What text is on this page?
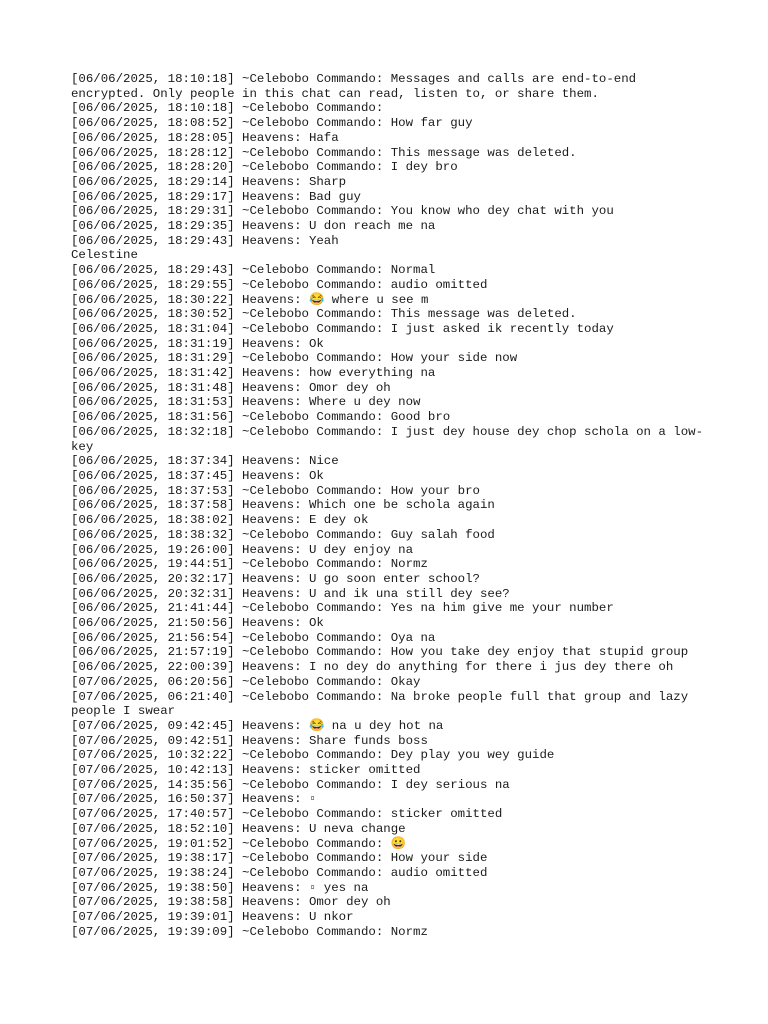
[06/06/2025, 18:10:18] ~Celebobo Commando: Messages and calls are end-to-end encrypted. Only people in this chat can read, listen to, or share them.
[06/06/2025, 18:10:18] ~Celebobo Commando:
[06/06/2025, 18:08:52] ~Celebobo Commando: How far guy
[06/06/2025, 18:28:05] Heavens: Hafa
[06/06/2025, 18:28:12] ~Celebobo Commando: This message was deleted.
[06/06/2025, 18:28:20] ~Celebobo Commando: I dey bro
[06/06/2025, 18:29:14] Heavens: Sharp
[06/06/2025, 18:29:17] Heavens: Bad guy
[06/06/2025, 18:29:31] ~Celebobo Commando: You know who dey chat with you
[06/06/2025, 18:29:35] Heavens: U don reach me na
[06/06/2025, 18:29:43] Heavens: Yeah
Celestine
[06/06/2025, 18:29:43] ~Celebobo Commando: Normal
[06/06/2025, 18:29:55] ~Celebobo Commando: audio omitted
[06/06/2025, 18:30:22] Heavens: 😂 where u see m
[06/06/2025, 18:30:52] ~Celebobo Commando: This message was deleted.
[06/06/2025, 18:31:04] ~Celebobo Commando: I just asked ik recently today
[06/06/2025, 18:31:19] Heavens: Ok
[06/06/2025, 18:31:29] ~Celebobo Commando: How your side now
[06/06/2025, 18:31:42] Heavens: how everything na
[06/06/2025, 18:31:48] Heavens: Omor dey oh
[06/06/2025, 18:31:53] Heavens: Where u dey now
[06/06/2025, 18:31:56] ~Celebobo Commando: Good bro
[06/06/2025, 18:32:18] ~Celebobo Commando: I just dey house dey chop schola on a low-key
[06/06/2025, 18:37:34] Heavens: Nice
[06/06/2025, 18:37:45] Heavens: Ok
[06/06/2025, 18:37:53] ~Celebobo Commando: How your bro
[06/06/2025, 18:37:58] Heavens: Which one be schola again
[06/06/2025, 18:38:02] Heavens: E dey ok
[06/06/2025, 18:38:32] ~Celebobo Commando: Guy salah food
[06/06/2025, 19:26:00] Heavens: U dey enjoy na
[06/06/2025, 19:44:51] ~Celebobo Commando: Normz
[06/06/2025, 20:32:17] Heavens: U go soon enter school?
[06/06/2025, 20:32:31] Heavens: U and ik una still dey see?
[06/06/2025, 21:41:44] ~Celebobo Commando: Yes na him give me your number
[06/06/2025, 21:50:56] Heavens: Ok
[06/06/2025, 21:56:54] ~Celebobo Commando: Oya na
[06/06/2025, 21:57:19] ~Celebobo Commando: How you take dey enjoy that stupid group
[06/06/2025, 22:00:39] Heavens: I no dey do anything for there i jus dey there oh
[07/06/2025, 06:20:56] ~Celebobo Commando: Okay
[07/06/2025, 06:21:40] ~Celebobo Commando: Na broke people full that group and lazy people I swear
[07/06/2025, 09:42:45] Heavens: 😂 na u dey hot na
[07/06/2025, 09:42:51] Heavens: Share funds boss
[07/06/2025, 10:32:22] ~Celebobo Commando: Dey play you wey guide
[07/06/2025, 10:42:13] Heavens: sticker omitted
[07/06/2025, 14:35:56] ~Celebobo Commando: I dey serious na
[07/06/2025, 16:50:37] Heavens: ▫
[07/06/2025, 17:40:57] ~Celebobo Commando: sticker omitted
[07/06/2025, 18:52:10] Heavens: U neva change
[07/06/2025, 19:01:52] ~Celebobo Commando: 😀
[07/06/2025, 19:38:17] ~Celebobo Commando: How your side
[07/06/2025, 19:38:24] ~Celebobo Commando: audio omitted
[07/06/2025, 19:38:50] Heavens: ▫ yes na
[07/06/2025, 19:38:58] Heavens: Omor dey oh
[07/06/2025, 19:39:01] Heavens: U nkor
[07/06/2025, 19:39:09] ~Celebobo Commando: Normz
